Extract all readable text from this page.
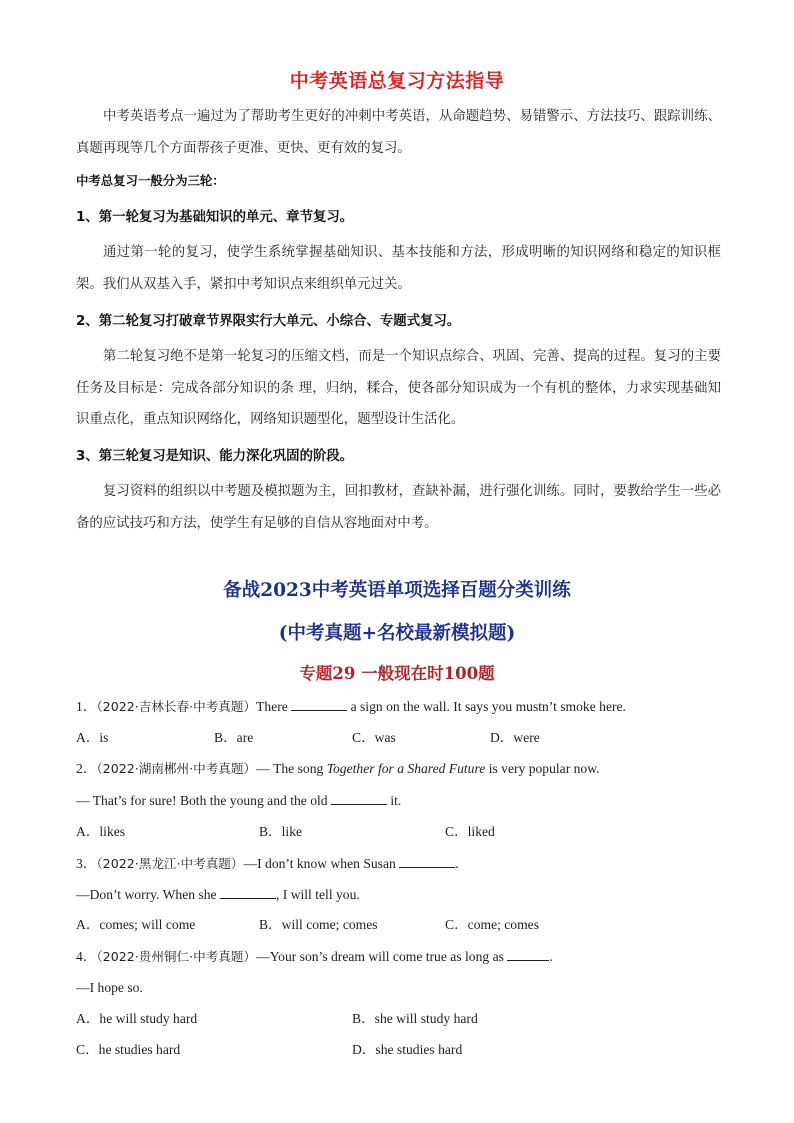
中考英语总复习方法指导
中考英语考点一遍过为了帮助考生更好的冲刺中考英语，从命题趋势、易错警示、方法技巧、跟踪训练、真题再现等几个方面帮孩子更准、更快、更有效的复习。
中考总复习一般分为三轮：
1、第一轮复习为基础知识的单元、章节复习。
通过第一轮的复习，使学生系统掌握基础知识、基本技能和方法，形成明晰的知识网络和稳定的知识框架。我们从双基入手，紧扣中考知识点来组织单元过关。
2、第二轮复习打破章节界限实行大单元、小综合、专题式复习。
第二轮复习绝不是第一轮复习的压缩文档，而是一个知识点综合、巩固、完善、提高的过程。复习的主要任务及目标是：完成各部分知识的条 理，归纳，糅合，使各部分知识成为一个有机的整体，力求实现基础知识重点化，重点知识网络化，网络知识题型化，题型设计生活化。
3、第三轮复习是知识、能力深化巩固的阶段。
复习资料的组织以中考题及模拟题为主，回扣教材，查缺补漏，进行强化训练。同时，要教给学生一些必备的应试技巧和方法，使学生有足够的自信从容地面对中考。
备战2023中考英语单项选择百题分类训练
(中考真题+名校最新模拟题)
专题29 一般现在时100题
1．（2022·吉林长春·中考真题）There	a sign on the wall. It says you mustn’t smoke here.
A．is	B．are	C．was	D．were
2．（2022·湖南郴州·中考真题）— The song Together for a Shared Future is very popular now.
— That’s for sure! Both the young and the old	it.
A．likes	B．like	C．liked
3．（2022·黑龙江·中考真题）—I don’t know when Susan	.
—Don’t worry. When she	, I will tell you.
A．comes; will come	B．will come; comes	C．come; comes
4．（2022·贵州铜仁·中考真题）—Your son’s dream will come true as long as	.
—I hope so.
A．he will study hard	B．she will study hard
C．he studies hard	D．she studies hard
